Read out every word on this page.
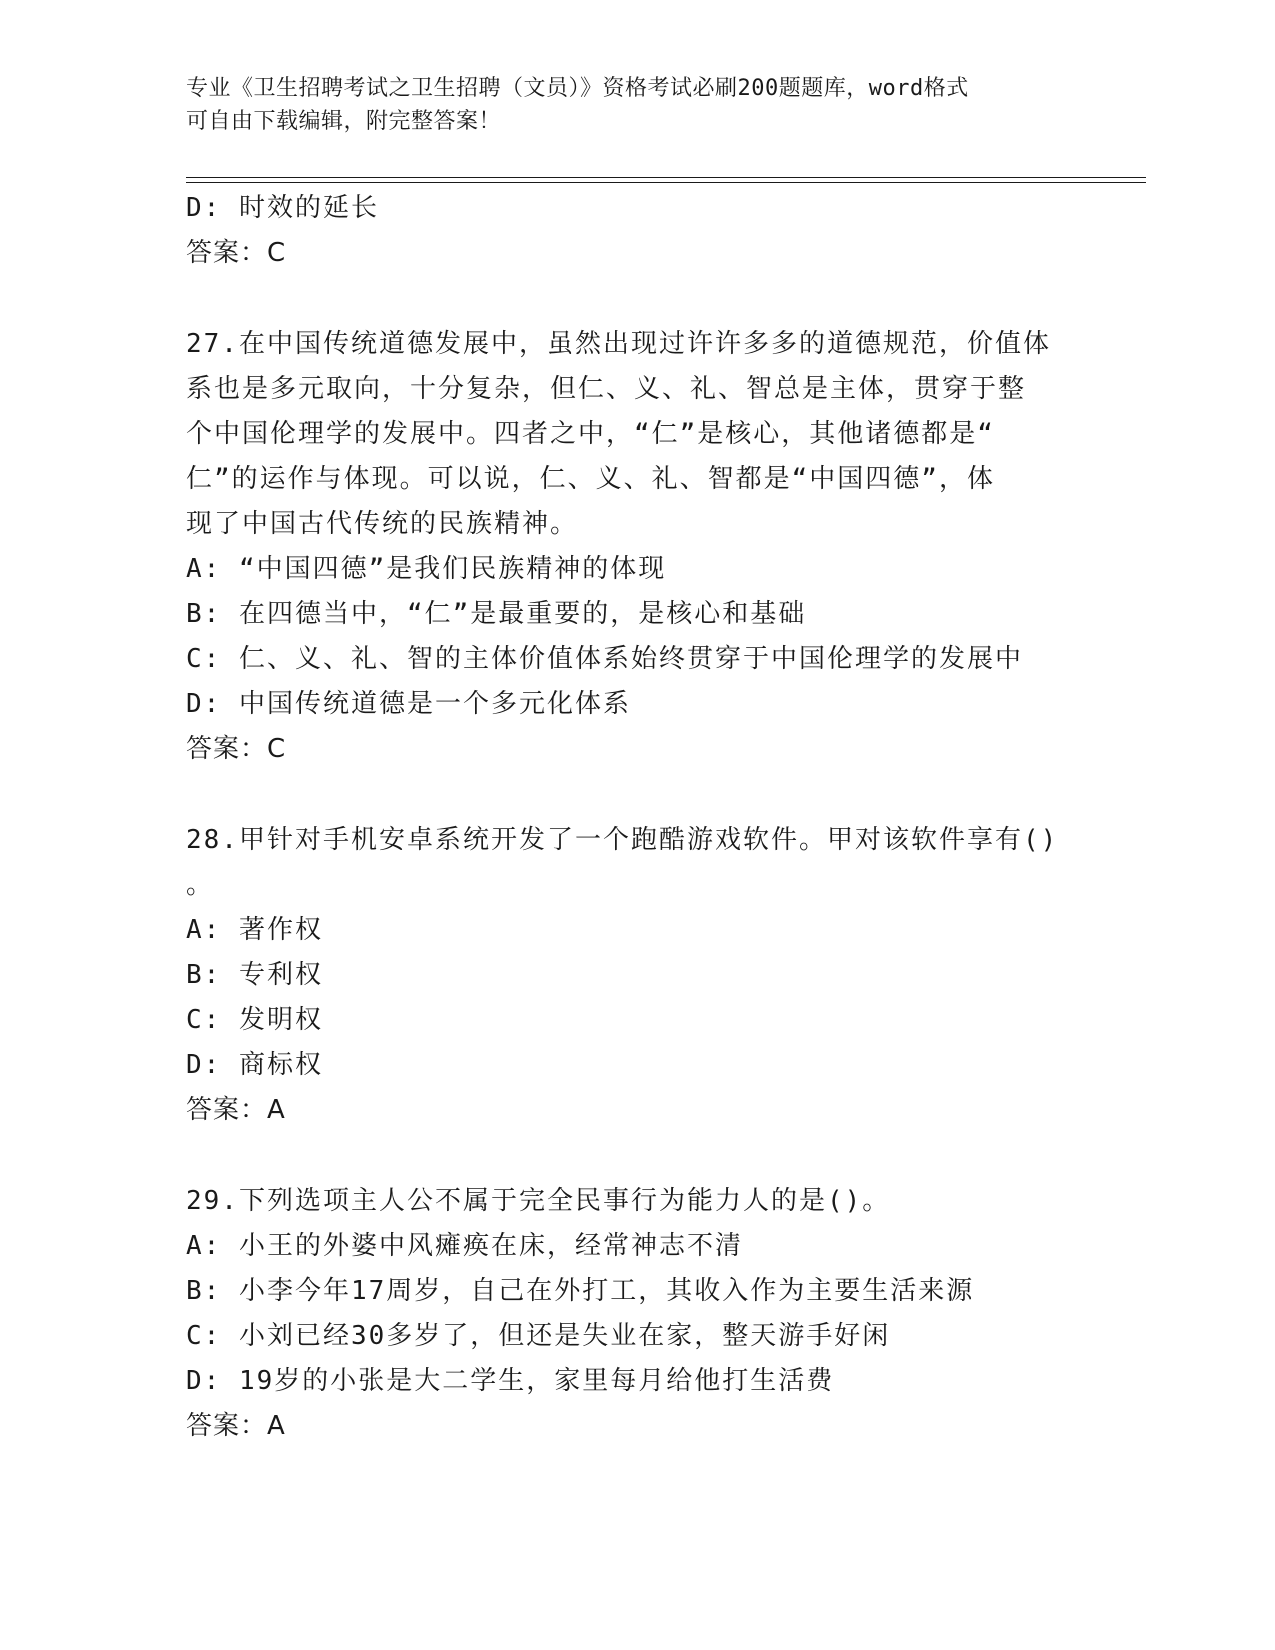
专业《卫生招聘考试之卫生招聘（文员）》资格考试必刷200题题库，word格式
可自由下载编辑，附完整答案！
D: 时效的延长
答案：C
27.在中国传统道德发展中，虽然出现过许许多多的道德规范，价值体
系也是多元取向，十分复杂，但仁、义、礼、智总是主体，贯穿于整
个中国伦理学的发展中。四者之中，“仁”是核心，其他诸德都是“
仁”的运作与体现。可以说，仁、义、礼、智都是“中国四德”，体
现了中国古代传统的民族精神。
A: “中国四德”是我们民族精神的体现
B: 在四德当中，“仁”是最重要的，是核心和基础
C: 仁、义、礼、智的主体价值体系始终贯穿于中国伦理学的发展中
D: 中国传统道德是一个多元化体系
答案：C
28.甲针对手机安卓系统开发了一个跑酷游戏软件。甲对该软件享有()
。
A: 著作权
B: 专利权
C: 发明权
D: 商标权
答案：A
29.下列选项主人公不属于完全民事行为能力人的是()。
A: 小王的外婆中风瘫痪在床，经常神志不清
B: 小李今年17周岁，自己在外打工，其收入作为主要生活来源
C: 小刘已经30多岁了，但还是失业在家，整天游手好闲
D: 19岁的小张是大二学生，家里每月给他打生活费
答案：A
